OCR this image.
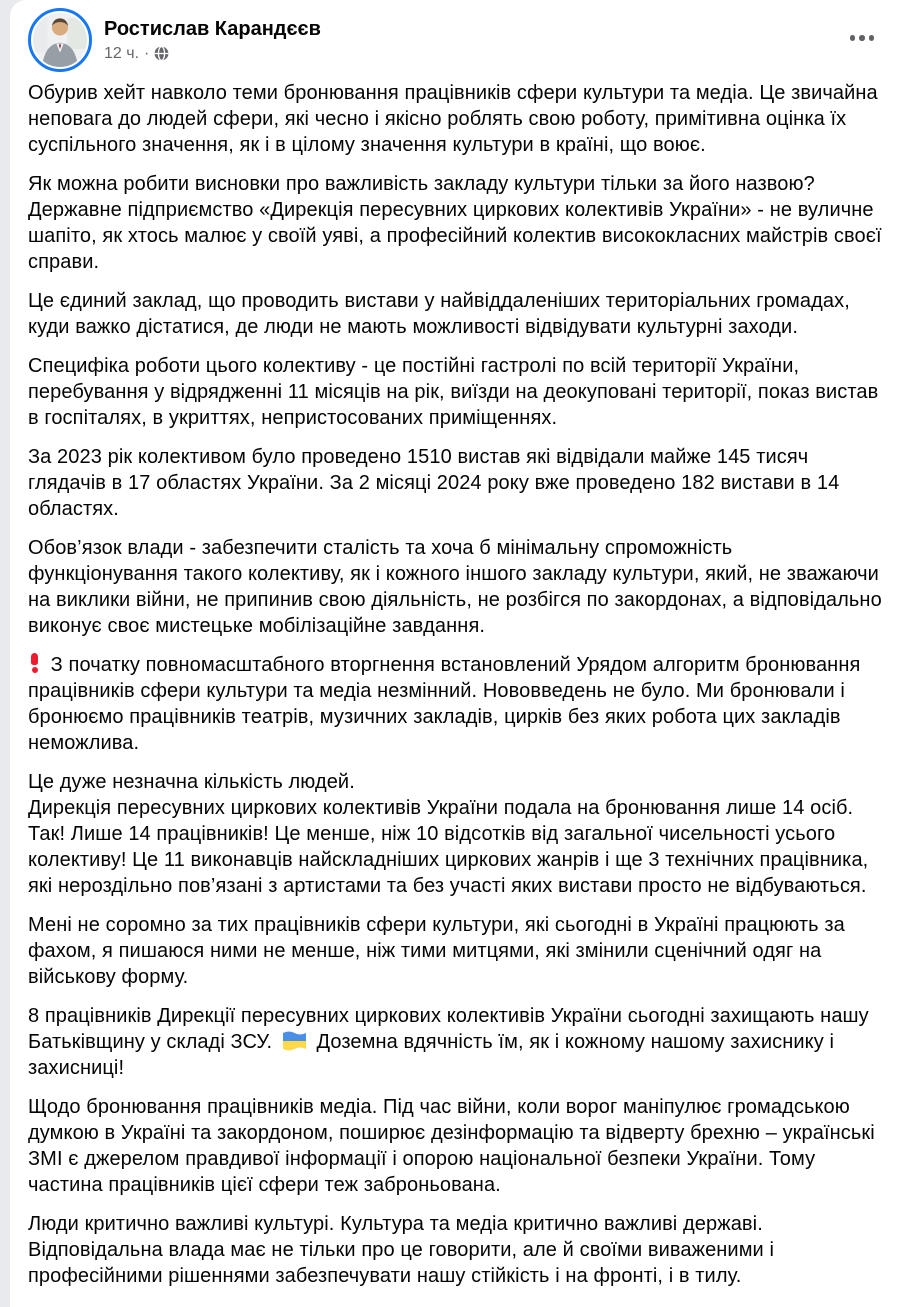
Ростислав Карандєєв
12 ч. ·
Обурив хейт навколо теми бронювання працівників сфери культури та медіа. Це звичайна неповага до людей сфери, які чесно і якісно роблять свою роботу, примітивна оцінка їх суспільного значення, як і в цілому значення культури в країні, що воює.
Як можна робити висновки про важливість закладу культури тільки за його назвою? Державне підприємство «Дирекція пересувних циркових колективів України» - не вуличне шапіто, як хтось малює у своїй уяві, а професійний колектив висококласних майстрів своєї справи.
Це єдиний заклад, що проводить вистави у найвіддаленіших територіальних громадах, куди важко дістатися, де люди не мають можливості відвідувати культурні заходи.
Специфіка роботи цього колективу - це постійні гастролі по всій території України, перебування у відрядженні 11 місяців на рік, виїзди на деокуповані території, показ вистав в госпіталях, в укриттях, непристосованих приміщеннях.
За 2023 рік колективом було проведено 1510 вистав які відвідали майже 145 тисяч глядачів в 17 областях України. За 2 місяці 2024 року вже проведено 182 вистави в 14 областях.
Обов’язок влади - забезпечити сталість та хоча б мінімальну спроможність функціонування такого колективу, як і кожного іншого закладу культури, який, не зважаючи на виклики війни, не припинив свою діяльність, не розбігся по закордонах, а відповідально виконує своє мистецьке мобілізаційне завдання.
З початку повномасштабного вторгнення встановлений Урядом алгоритм бронювання працівників сфери культури та медіа незмінний. Нововведень не було. Ми бронювали і бронюємо працівників театрів, музичних закладів, цирків без яких робота цих закладів неможлива.
Це дуже незначна кількість людей.
Дирекція пересувних циркових колективів України подала на бронювання лише 14 осіб.
Так! Лише 14 працівників! Це менше, ніж 10 відсотків від загальної чисельності усього колективу! Це 11 виконавців найскладніших циркових жанрів і ще 3 технічних працівника, які нероздільно пов’язані з артистами та без участі яких вистави просто не відбуваються.
Мені не соромно за тих працівників сфери культури, які сьогодні в Україні працюють за фахом, я пишаюся ними не менше, ніж тими митцями, які змінили сценічний одяг на військову форму.
8 працівників Дирекції пересувних циркових колективів України сьогодні захищають нашу Батьківщину у складі ЗСУ. Доземна вдячність їм, як і кожному нашому захиснику і захисниці!
Щодо бронювання працівників медіа. Під час війни, коли ворог маніпулює громадською думкою в Україні та закордоном, поширює дезінформацію та відверту брехню – українські ЗМІ є джерелом правдивої інформації і опорою національної безпеки України. Тому частина працівників цієї сфери теж заброньована.
Люди критично важливі культурі. Культура та медіа критично важливі державі.
Відповідальна влада має не тільки про це говорити, але й своїми виваженими і професійними рішеннями забезпечувати нашу стійкість і на фронті, і в тилу.
